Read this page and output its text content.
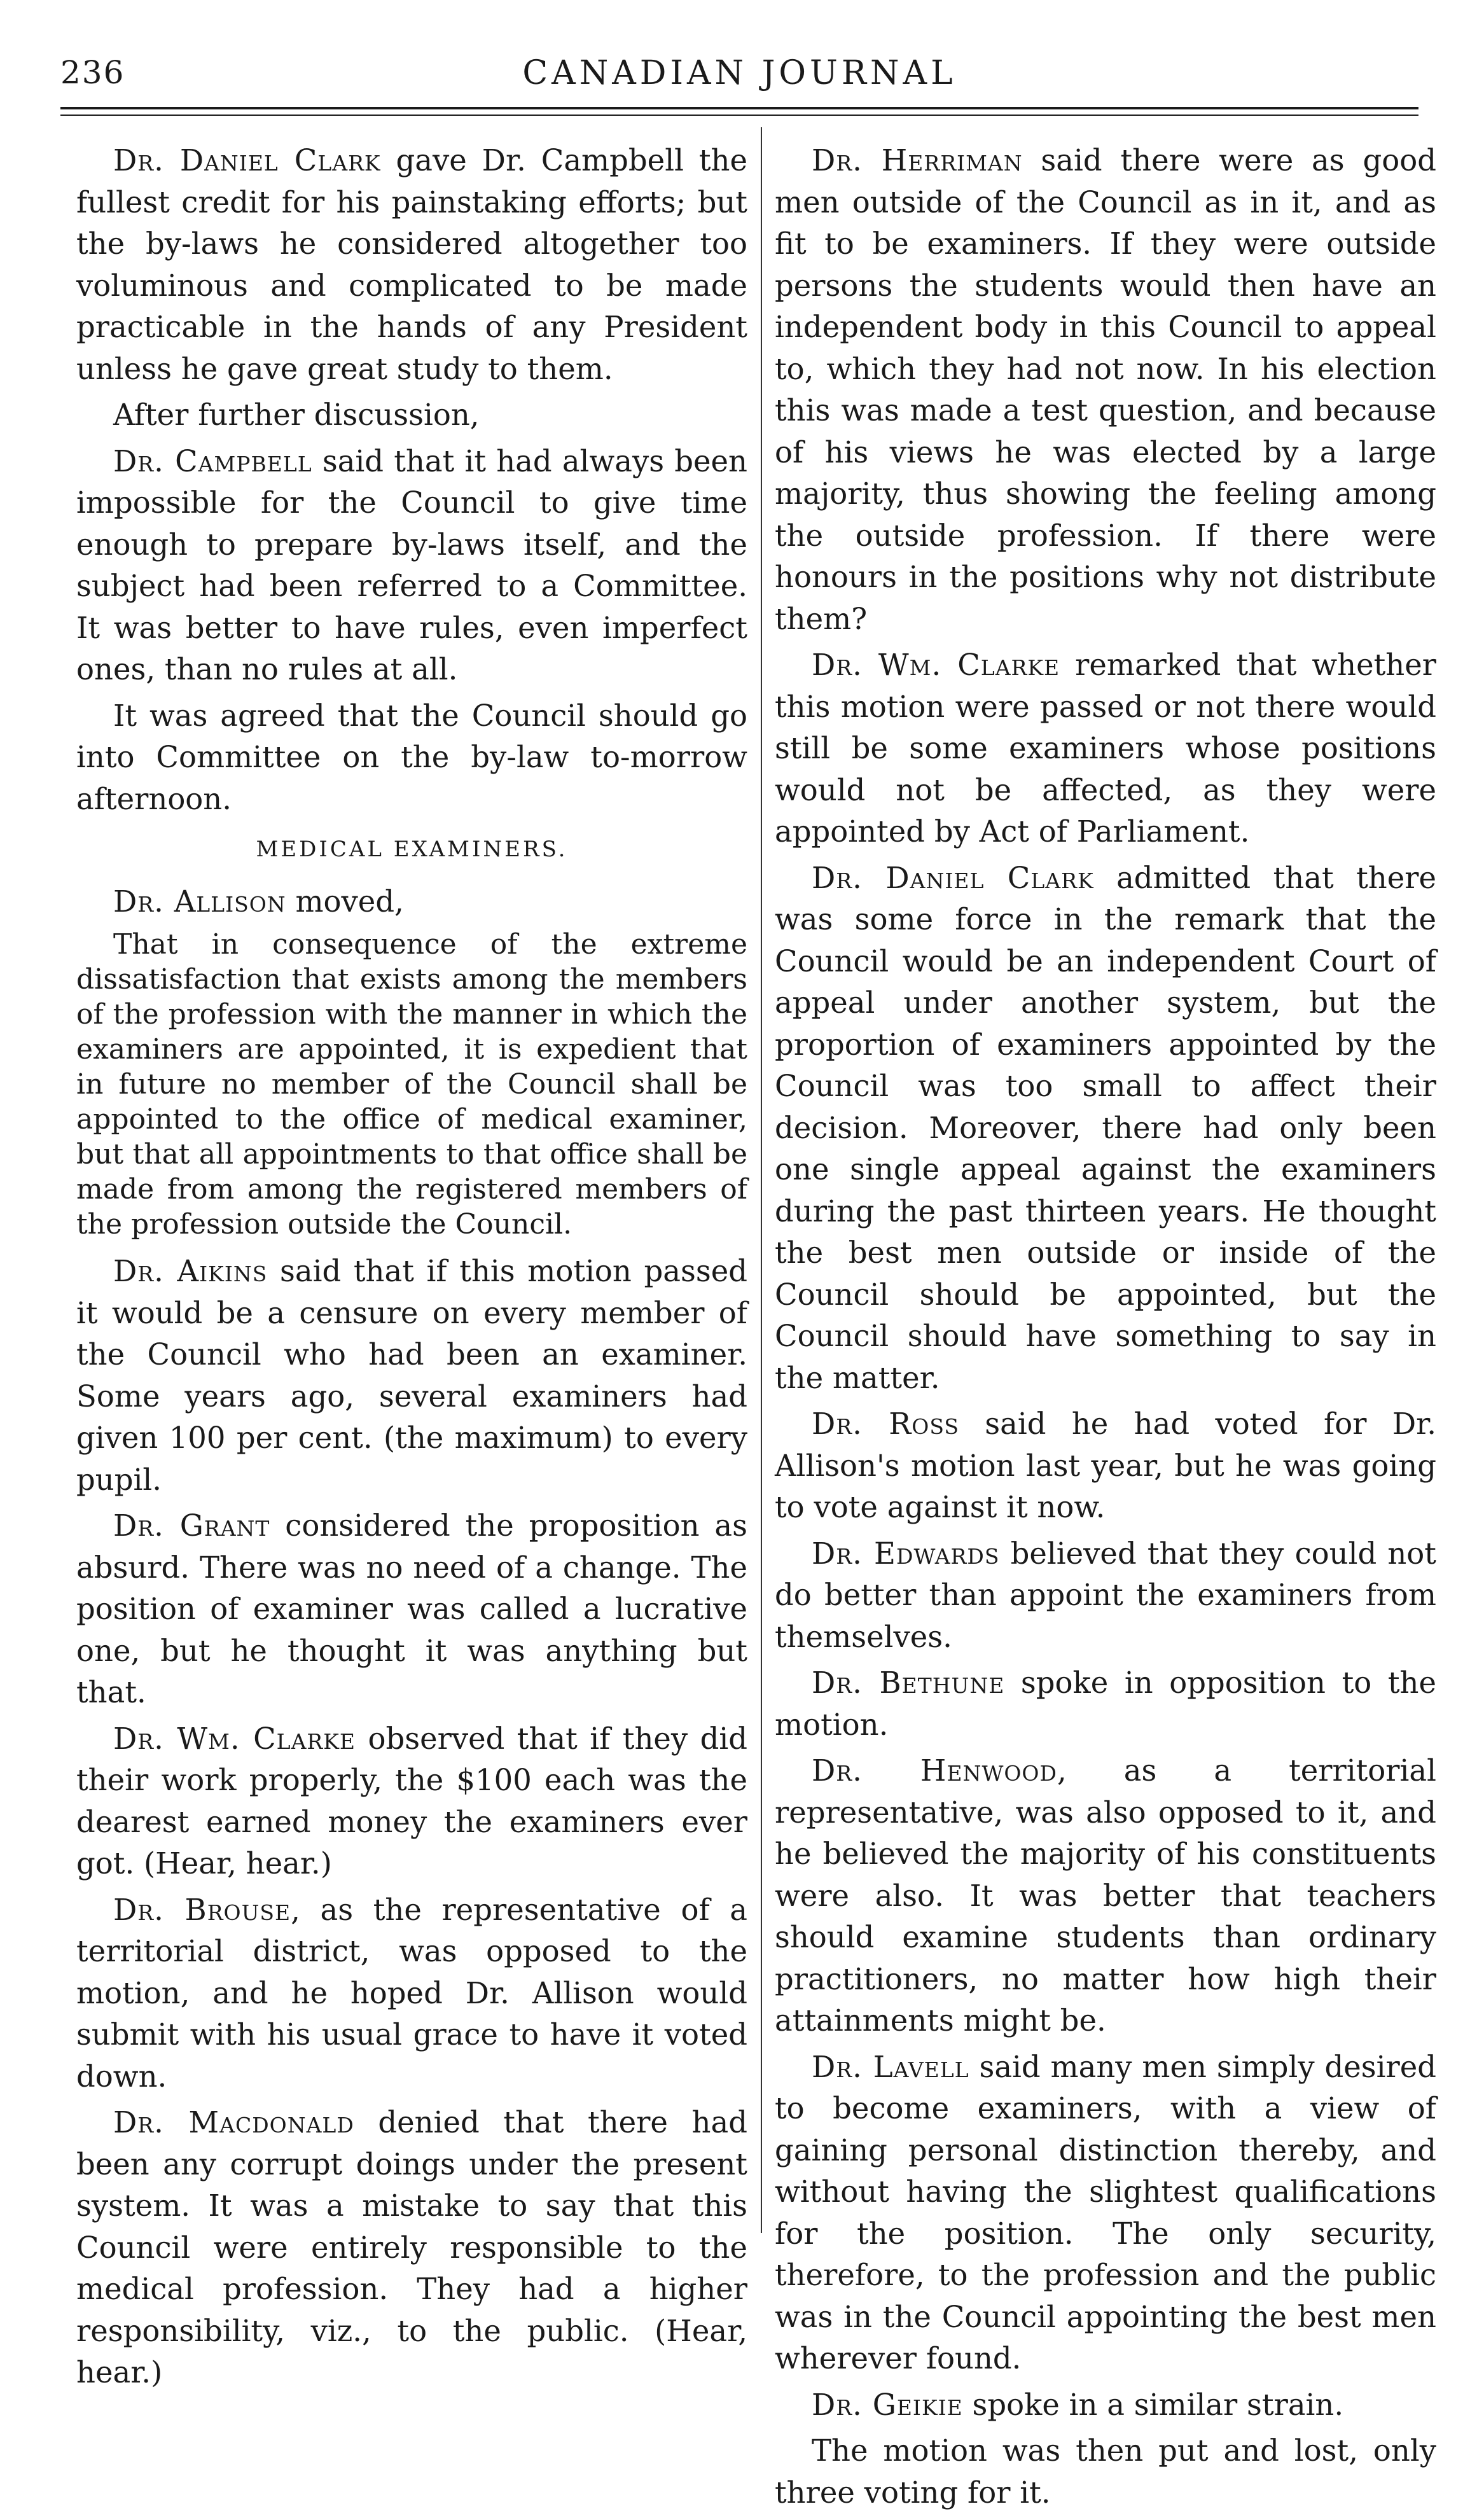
236	CANADIAN JOURNAL

Dr. Daniel Clark gave Dr. Campbell the fullest credit for his painstaking efforts; but the by-laws he considered altogether too voluminous and complicated to be made practicable in the hands of any President unless he gave great study to them.

After further discussion,

Dr. Campbell said that it had always been impossible for the Council to give time enough to prepare by-laws itself, and the subject had been referred to a Committee. It was better to have rules, even imperfect ones, than no rules at all.

It was agreed that the Council should go into Committee on the by-law to-morrow afternoon.

MEDICAL EXAMINERS.

Dr. Allison moved,

That in consequence of the extreme dissatisfaction that exists among the members of the profession with the manner in which the examiners are appointed, it is expedient that in future no member of the Council shall be appointed to the office of medical examiner, but that all appointments to that office shall be made from among the registered members of the profession outside the Council.

Dr. Aikins said that if this motion passed it would be a censure on every member of the Council who had been an examiner. Some years ago, several examiners had given 100 per cent. (the maximum) to every pupil.

Dr. Grant considered the proposition as absurd. There was no need of a change. The position of examiner was called a lucrative one, but he thought it was anything but that.

Dr. Wm. Clarke observed that if they did their work properly, the $100 each was the dearest earned money the examiners ever got. (Hear, hear.)

Dr. Brouse, as the representative of a territorial district, was opposed to the motion, and he hoped Dr. Allison would submit with his usual grace to have it voted down.

Dr. Macdonald denied that there had been any corrupt doings under the present system. It was a mistake to say that this Council were entirely responsible to the medical profession. They had a higher responsibility, viz., to the public. (Hear, hear.)

Dr. Herriman said there were as good men outside of the Council as in it, and as fit to be examiners. If they were outside persons the students would then have an independent body in this Council to appeal to, which they had not now. In his election this was made a test question, and because of his views he was elected by a large majority, thus showing the feeling among the outside profession. If there were honours in the positions why not distribute them?

Dr. Wm. Clarke remarked that whether this motion were passed or not there would still be some examiners whose positions would not be affected, as they were appointed by Act of Parliament.

Dr. Daniel Clark admitted that there was some force in the remark that the Council would be an independent Court of appeal under another system, but the proportion of examiners appointed by the Council was too small to affect their decision. Moreover, there had only been one single appeal against the examiners during the past thirteen years. He thought the best men outside or inside of the Council should be appointed, but the Council should have something to say in the matter.

Dr. Ross said he had voted for Dr. Allison's motion last year, but he was going to vote against it now.

Dr. Edwards believed that they could not do better than appoint the examiners from themselves.

Dr. Bethune spoke in opposition to the motion.

Dr. Henwood, as a territorial representative, was also opposed to it, and he believed the majority of his constituents were also. It was better that teachers should examine students than ordinary practitioners, no matter how high their attainments might be.

Dr. Lavell said many men simply desired to become examiners, with a view of gaining personal distinction thereby, and without having the slightest qualifications for the position. The only security, therefore, to the profession and the public was in the Council appointing the best men wherever found.

Dr. Geikie spoke in a similar strain.

The motion was then put and lost, only three voting for it.
